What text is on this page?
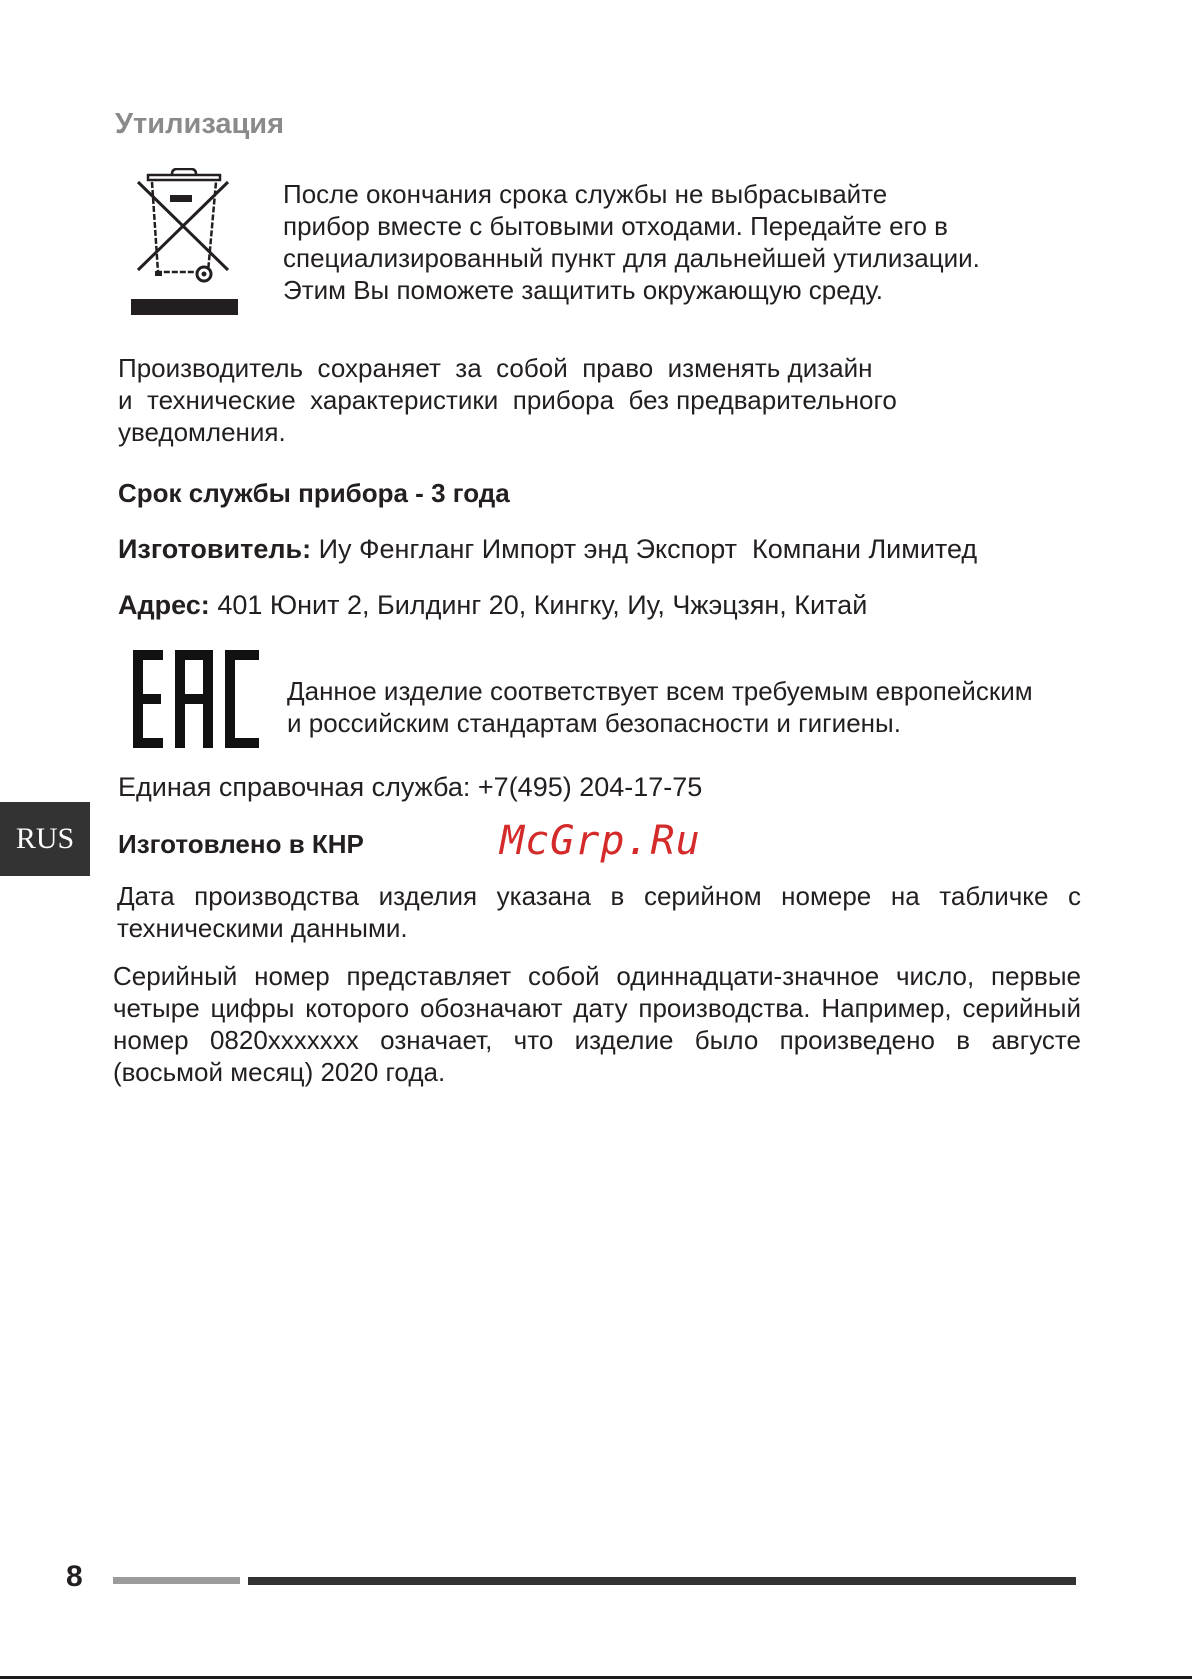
Утилизация
После окончания срока службы не выбрасывайте
прибор вместе с бытовыми отходами. Передайте его в
специализированный пункт для дальнейшей утилизации.
Этим Вы поможете защитить окружающую среду.
Производитель  сохраняет  за  собой  право  изменять дизайн
и  технические  характеристики  прибора  без предварительного
уведомления.
Срок службы прибора - 3 года
Изготовитель: Иу Фенгланг Импорт энд Экспорт  Компани Лимитед
Адрес: 401 Юнит 2, Билдинг 20, Кингку, Иу, Чжэцзян, Китай
Данное изделие соответствует всем требуемым европейским
и российским стандартам безопасности и гигиены.
Единая справочная служба: +7(495) 204-17-75
RUS	Изготовлено в КНР	McGrp.Ru
Дата производства изделия указана в серийном номере на табличке с техническими данными.
Серийный номер представляет собой одиннадцати-значное число, первые четыре цифры которого обозначают дату производства. Например, серийный номер 0820xxxxxxx означает, что изделие было произведено в августе (восьмой месяц) 2020 года.
8
